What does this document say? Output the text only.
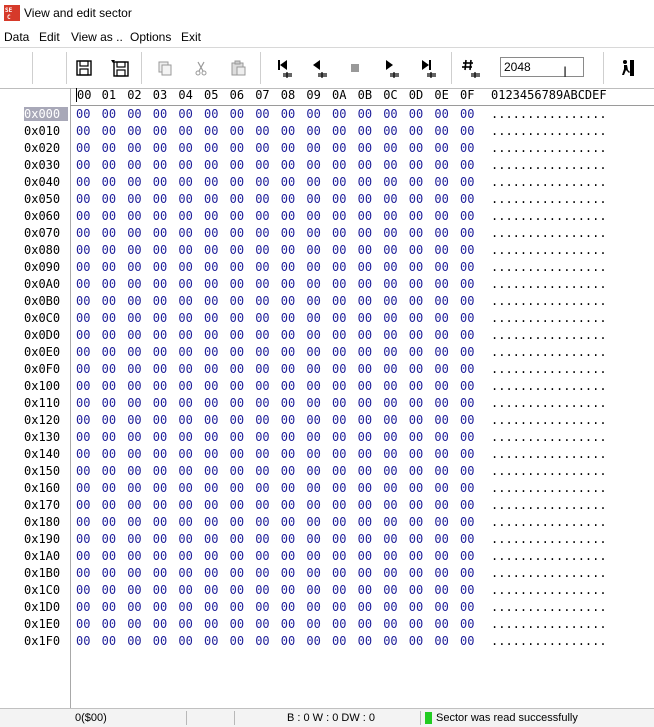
SE
C View and edit sector
Data Edit View as .. Options Exit
2048
I
00 01 02 03 04 05 06 07 08 09 0A 0B 0C 0D 0E 0F 0123456789ABCDEF
0x000	00 00 00 00 00 00 00 00 00 00 00 00 00 00 00 00 ................
0x010	00 00 00 00 00 00 00 00 00 00 00 00 00 00 00 00 ................
0x020	00 00 00 00 00 00 00 00 00 00 00 00 00 00 00 00 ................
0x030	00 00 00 00 00 00 00 00 00 00 00 00 00 00 00 00 ................
0x040	00 00 00 00 00 00 00 00 00 00 00 00 00 00 00 00 ................
0x050	00 00 00 00 00 00 00 00 00 00 00 00 00 00 00 00 ................
0x060	00 00 00 00 00 00 00 00 00 00 00 00 00 00 00 00 ................
0x070	00 00 00 00 00 00 00 00 00 00 00 00 00 00 00 00 ................
0x080	00 00 00 00 00 00 00 00 00 00 00 00 00 00 00 00 ................
0x090	00 00 00 00 00 00 00 00 00 00 00 00 00 00 00 00 ................
0x0A0	00 00 00 00 00 00 00 00 00 00 00 00 00 00 00 00 ................
0x0B0	00 00 00 00 00 00 00 00 00 00 00 00 00 00 00 00 ................
0x0C0	00 00 00 00 00 00 00 00 00 00 00 00 00 00 00 00 ................
0x0D0	00 00 00 00 00 00 00 00 00 00 00 00 00 00 00 00 ................
0x0E0	00 00 00 00 00 00 00 00 00 00 00 00 00 00 00 00 ................
0x0F0	00 00 00 00 00 00 00 00 00 00 00 00 00 00 00 00 ................
0x100	00 00 00 00 00 00 00 00 00 00 00 00 00 00 00 00 ................
0x110	00 00 00 00 00 00 00 00 00 00 00 00 00 00 00 00 ................
0x120	00 00 00 00 00 00 00 00 00 00 00 00 00 00 00 00 ................
0x130	00 00 00 00 00 00 00 00 00 00 00 00 00 00 00 00 ................
0x140	00 00 00 00 00 00 00 00 00 00 00 00 00 00 00 00 ................
0x150	00 00 00 00 00 00 00 00 00 00 00 00 00 00 00 00 ................
0x160	00 00 00 00 00 00 00 00 00 00 00 00 00 00 00 00 ................
0x170	00 00 00 00 00 00 00 00 00 00 00 00 00 00 00 00 ................
0x180	00 00 00 00 00 00 00 00 00 00 00 00 00 00 00 00 ................
0x190	00 00 00 00 00 00 00 00 00 00 00 00 00 00 00 00 ................
0x1A0	00 00 00 00 00 00 00 00 00 00 00 00 00 00 00 00 ................
0x1B0	00 00 00 00 00 00 00 00 00 00 00 00 00 00 00 00 ................
0x1C0	00 00 00 00 00 00 00 00 00 00 00 00 00 00 00 00 ................
0x1D0	00 00 00 00 00 00 00 00 00 00 00 00 00 00 00 00 ................
0x1E0	00 00 00 00 00 00 00 00 00 00 00 00 00 00 00 00 ................
0x1F0	00 00 00 00 00 00 00 00 00 00 00 00 00 00 00 00 ................
0($00)	B : 0 W : 0 DW : 0	Sector was read successfully
